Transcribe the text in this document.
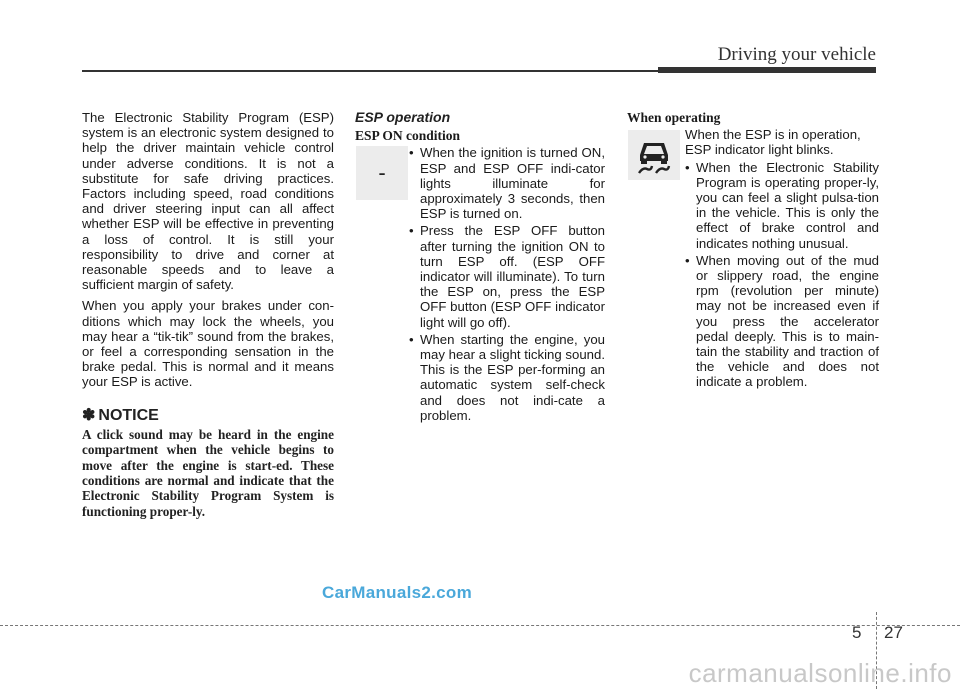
Driving your vehicle

The Electronic Stability Program (ESP) system is an electronic system designed to help the driver maintain vehicle control under adverse conditions. It is not a substitute for safe driving practices. Factors including speed, road conditions and driver steering input can all affect whether ESP will be effective in preventing a loss of control. It is still your responsibility to drive and corner at reasonable speeds and to leave a sufficient margin of safety.

When you apply your brakes under con-ditions which may lock the wheels, you may hear a “tik-tik” sound from the brakes, or feel a corresponding sensation in the brake pedal. This is normal and it means your ESP is active.

✽ NOTICE

A click sound may be heard in the engine compartment when the vehicle begins to move after the engine is start-ed. These conditions are normal and indicate that the Electronic Stability Program System is functioning proper-ly.

-
ESP operation
ESP ON condition
• When the ignition is turned ON, ESP and ESP OFF indi-cator lights illuminate for approximately 3 seconds, then ESP is turned on.
• Press the ESP OFF button after turning the ignition ON to turn ESP off. (ESP OFF indicator will illuminate). To turn the ESP on, press the ESP OFF button (ESP OFF indicator light will go off).
• When starting the engine, you may hear a slight ticking sound. This is the ESP per-forming an automatic system self-check and does not indi-cate a problem.
When operating

When the ESP is in operation, ESP indicator light blinks.

• When the Electronic Stability Program is operating proper-ly, you can feel a slight pulsa-tion in the vehicle. This is only the effect of brake control and indicates nothing unusual.
• When moving out of the mud or slippery road, the engine rpm (revolution per minute) may not be increased even if you press the accelerator pedal deeply. This is to main-tain the stability and traction of the vehicle and does not indicate a problem.
CarManuals2.com
5 27
carmanualsonline.info
